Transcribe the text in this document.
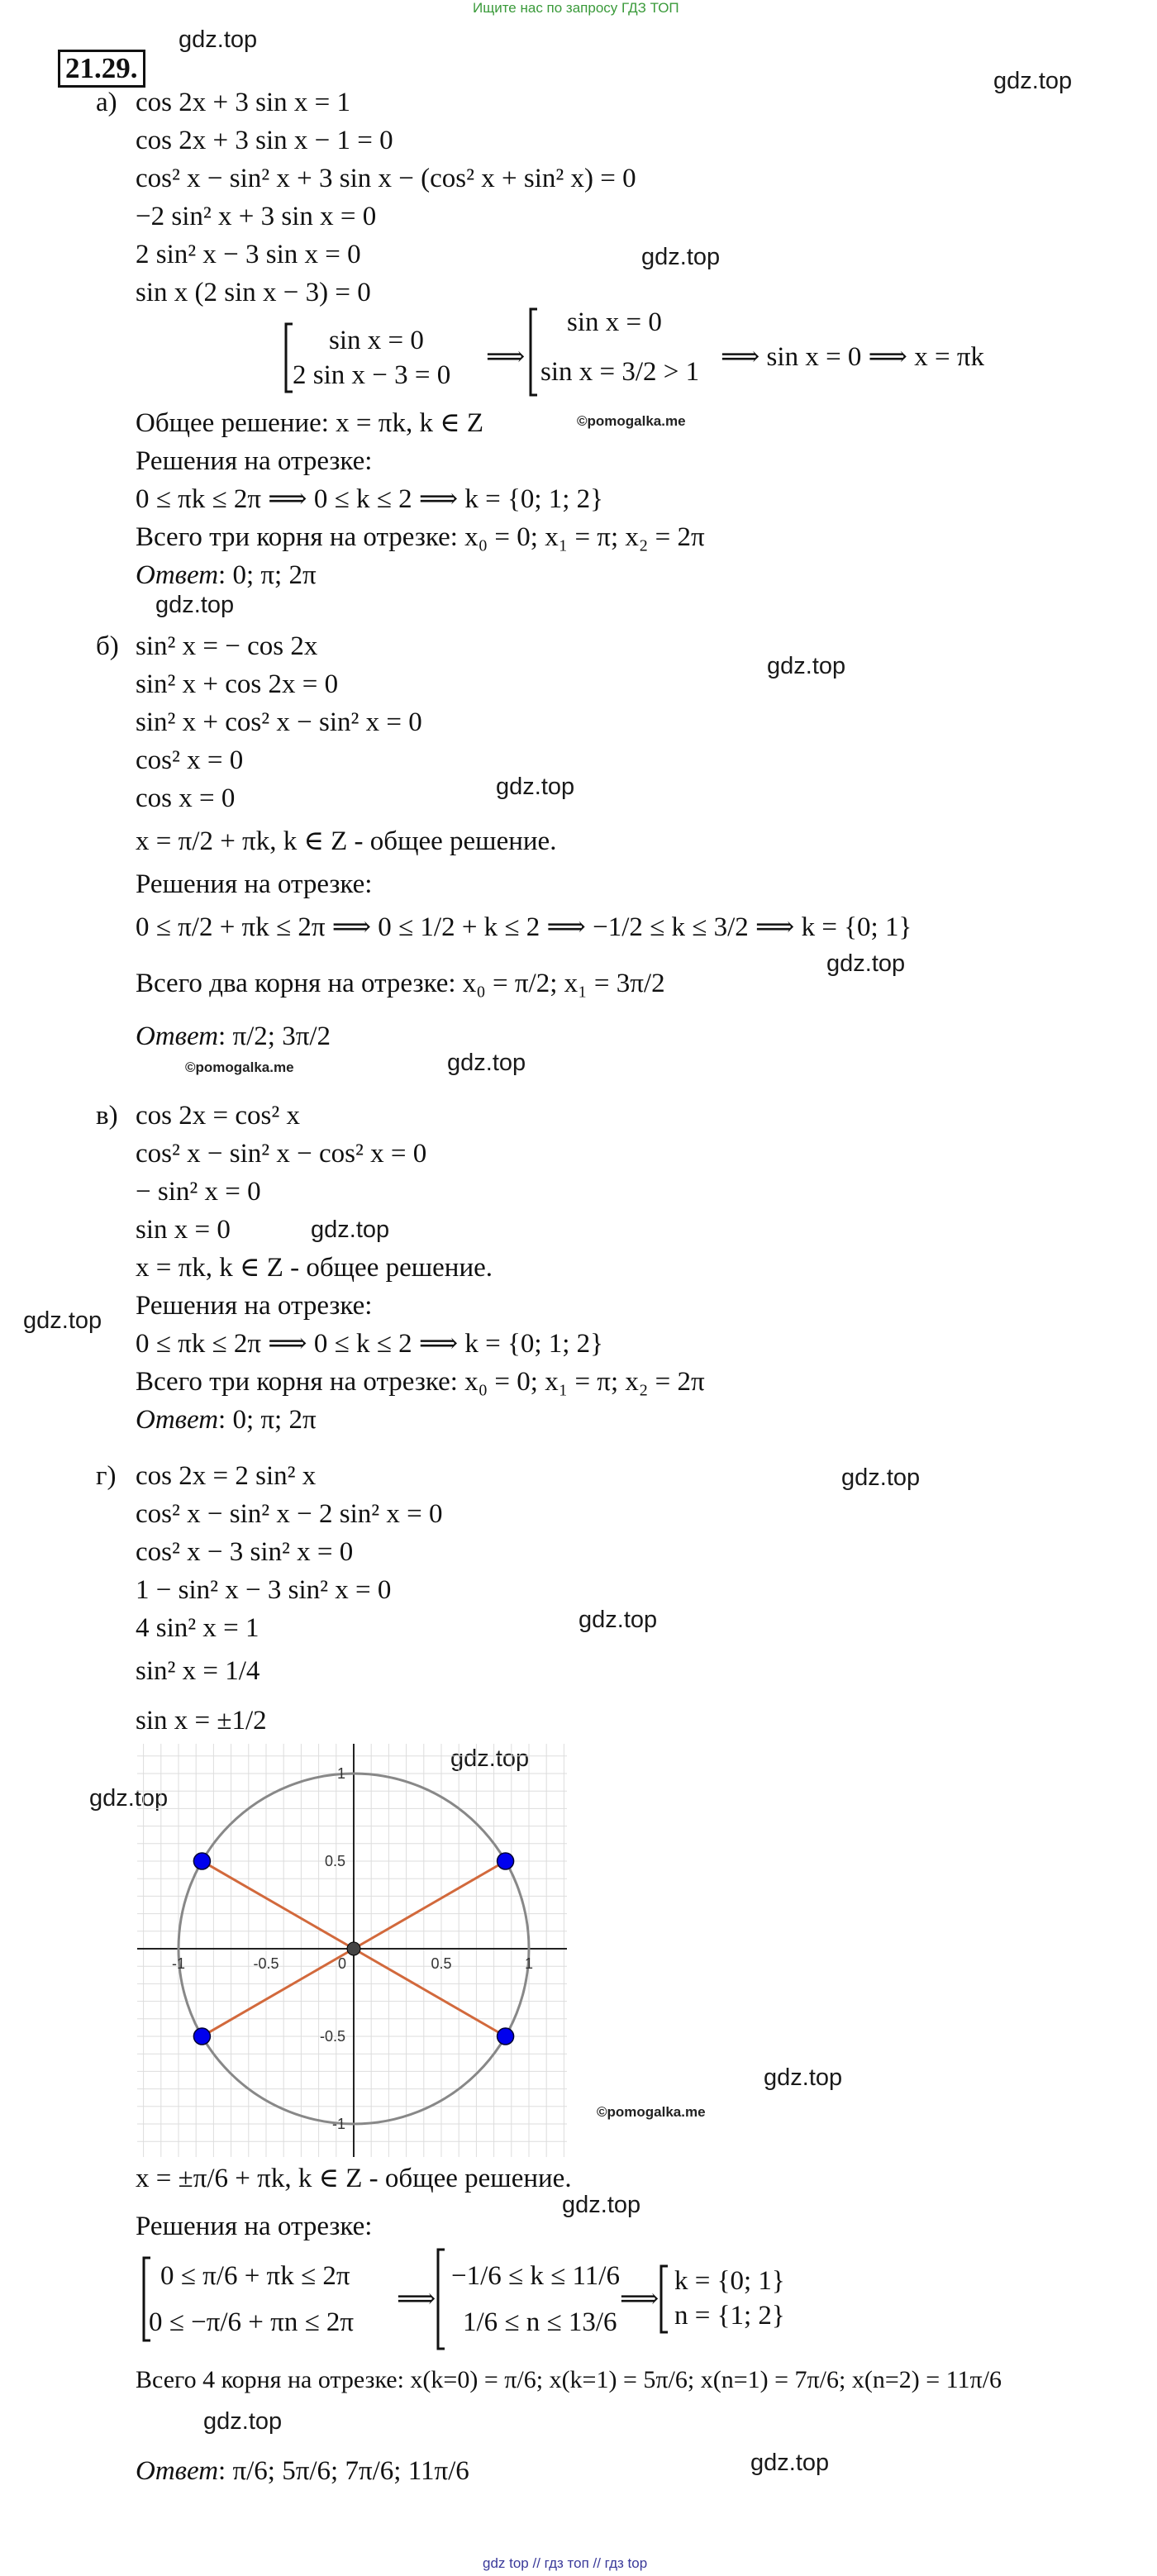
Ищите нас по запросу ГДЗ ТОП
21.29.
gdz.top
gdz.top
gdz.top
©pomogalka.me
gdz.top
gdz.top
gdz.top
gdz.top
©pomogalka.me	gdz.top
gdz.top
gdz.top
gdz.top
gdz.top
gdz.top
gdz.top
gdz.top
©pomogalka.me
gdz.top
gdz.top
gdz.top
а) cos 2x + 3 sin x = 1
cos 2x + 3 sin x − 1 = 0
cos² x − sin² x + 3 sin x − (cos² x + sin² x) = 0
−2 sin² x + 3 sin x = 0
2 sin² x − 3 sin x = 0
sin x (2 sin x − 3) = 0
sin x = 0
2 sin x − 3 = 0
⟹
sin x = 0
sin x = 3/2 > 1 ⟹ sin x = 0 ⟹ x = πk
Общее решение: x = πk, k ∈ Z
Решения на отрезке:
0 ≤ πk ≤ 2π ⟹ 0 ≤ k ≤ 2 ⟹ k = {0; 1; 2}
Всего три корня на отрезке: x₀ = 0; x₁ = π; x₂ = 2π
Ответ: 0; π; 2π
б) sin² x = − cos 2x
sin² x + cos 2x = 0
sin² x + cos² x − sin² x = 0
cos² x = 0
cos x = 0
x = π/2 + πk, k ∈ Z - общее решение.
Решения на отрезке:
0 ≤ π/2 + πk ≤ 2π ⟹ 0 ≤ 1/2 + k ≤ 2 ⟹ −1/2 ≤ k ≤ 3/2 ⟹ k = {0; 1}
Всего два корня на отрезке: x₀ = π/2; x₁ = 3π/2
Ответ: π/2; 3π/2
в) cos 2x = cos² x
cos² x − sin² x − cos² x = 0
− sin² x = 0
sin x = 0
x = πk, k ∈ Z - общее решение.
Решения на отрезке:
0 ≤ πk ≤ 2π ⟹ 0 ≤ k ≤ 2 ⟹ k = {0; 1; 2}
Всего три корня на отрезке: x₀ = 0; x₁ = π; x₂ = 2π
Ответ: 0; π; 2π
г) cos 2x = 2 sin² x
cos² x − sin² x − 2 sin² x = 0
cos² x − 3 sin² x = 0
1 − sin² x − 3 sin² x = 0
4 sin² x = 1
sin² x = 1/4
sin x = ±1/2
-1	-0.5	0	0.5	1
1
0.5
-0.5
-1
x = ±π/6 + πk, k ∈ Z - общее решение.
Решения на отрезке:
0 ≤ π/6 + πk ≤ 2π
0 ≤ −π/6 + πn ≤ 2π
⟹
−1/6 ≤ k ≤ 11/6
1/6 ≤ n ≤ 13/6
⟹
k = {0; 1}
n = {1; 2}
Всего 4 корня на отрезке: x(k=0) = π/6; x(k=1) = 5π/6; x(n=1) = 7π/6; x(n=2) = 11π/6
Ответ: π/6; 5π/6; 7π/6; 11π/6
gdz top // гдз топ // гдз top
